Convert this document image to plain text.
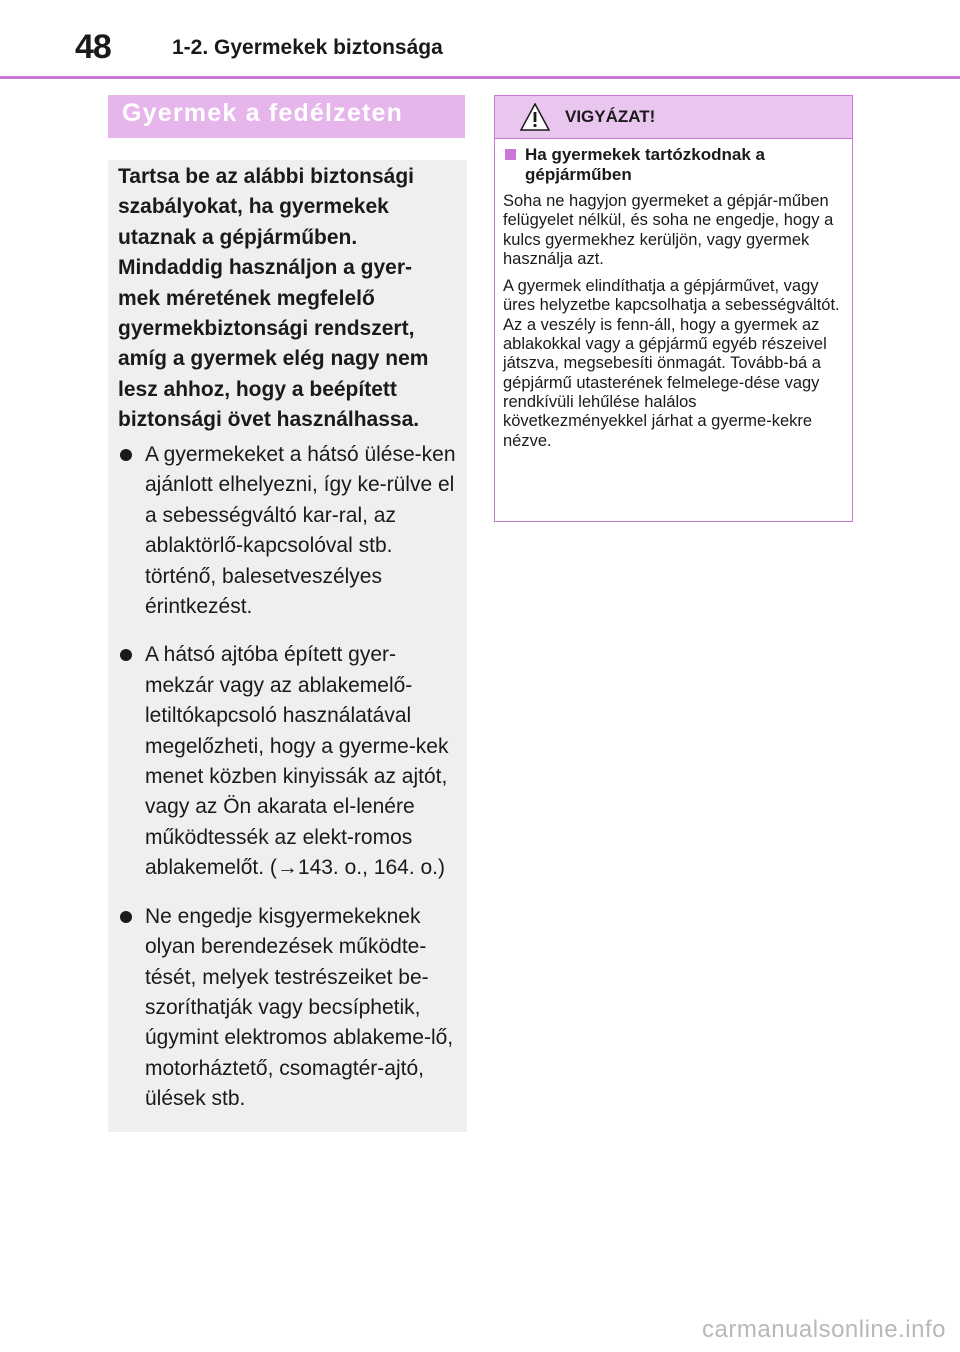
48	1-2. Gyermekek biztonsága
Gyermek a fedélzeten

Tartsa be az alábbi biztonsági szabályokat, ha gyermekek utaznak a gépjárműben. Mindaddig használjon a gyer-mek méretének megfelelő gyermekbiztonsági rendszert, amíg a gyermek elég nagy nem lesz ahhoz, hogy a beépített biztonsági övet használhassa.

A gyermekeket a hátsó ülése-ken ajánlott elhelyezni, így ke-rülve el a sebességváltó kar-ral, az ablaktörlő-kapcsolóval stb. történő, balesetveszélyes érintkezést.
A hátsó ajtóba épített gyer-mekzár vagy az ablakemelő-letiltókapcsoló használatával megelőzheti, hogy a gyerme-kek menet közben kinyissák az ajtót, vagy az Ön akarata el-lenére működtessék az elekt-romos ablakemelőt. (→143. o., 164. o.)
Ne engedje kisgyermekeknek olyan berendezések működte-tését, melyek testrészeiket be-szoríthatják vagy becsíphetik, úgymint elektromos ablakeme-lő, motorháztető, csomagtér-ajtó, ülések stb.
VIGYÁZAT!
Ha gyermekek tartózkodnak a gépjárműben

Soha ne hagyjon gyermeket a gépjár-műben felügyelet nélkül, és soha ne engedje, hogy a kulcs gyermekhez kerüljön, vagy gyermek használja azt.

A gyermek elindíthatja a gépjárművet, vagy üres helyzetbe kapcsolhatja a sebességváltót. Az a veszély is fenn-áll, hogy a gyermek az ablakokkal vagy a gépjármű egyéb részeivel játszva, megsebesíti önmagát. Tovább-bá a gépjármű utasterének felmelege-dése vagy rendkívüli lehűlése halálos következményekkel járhat a gyerme-kekre nézve.

carmanualsonline.info
